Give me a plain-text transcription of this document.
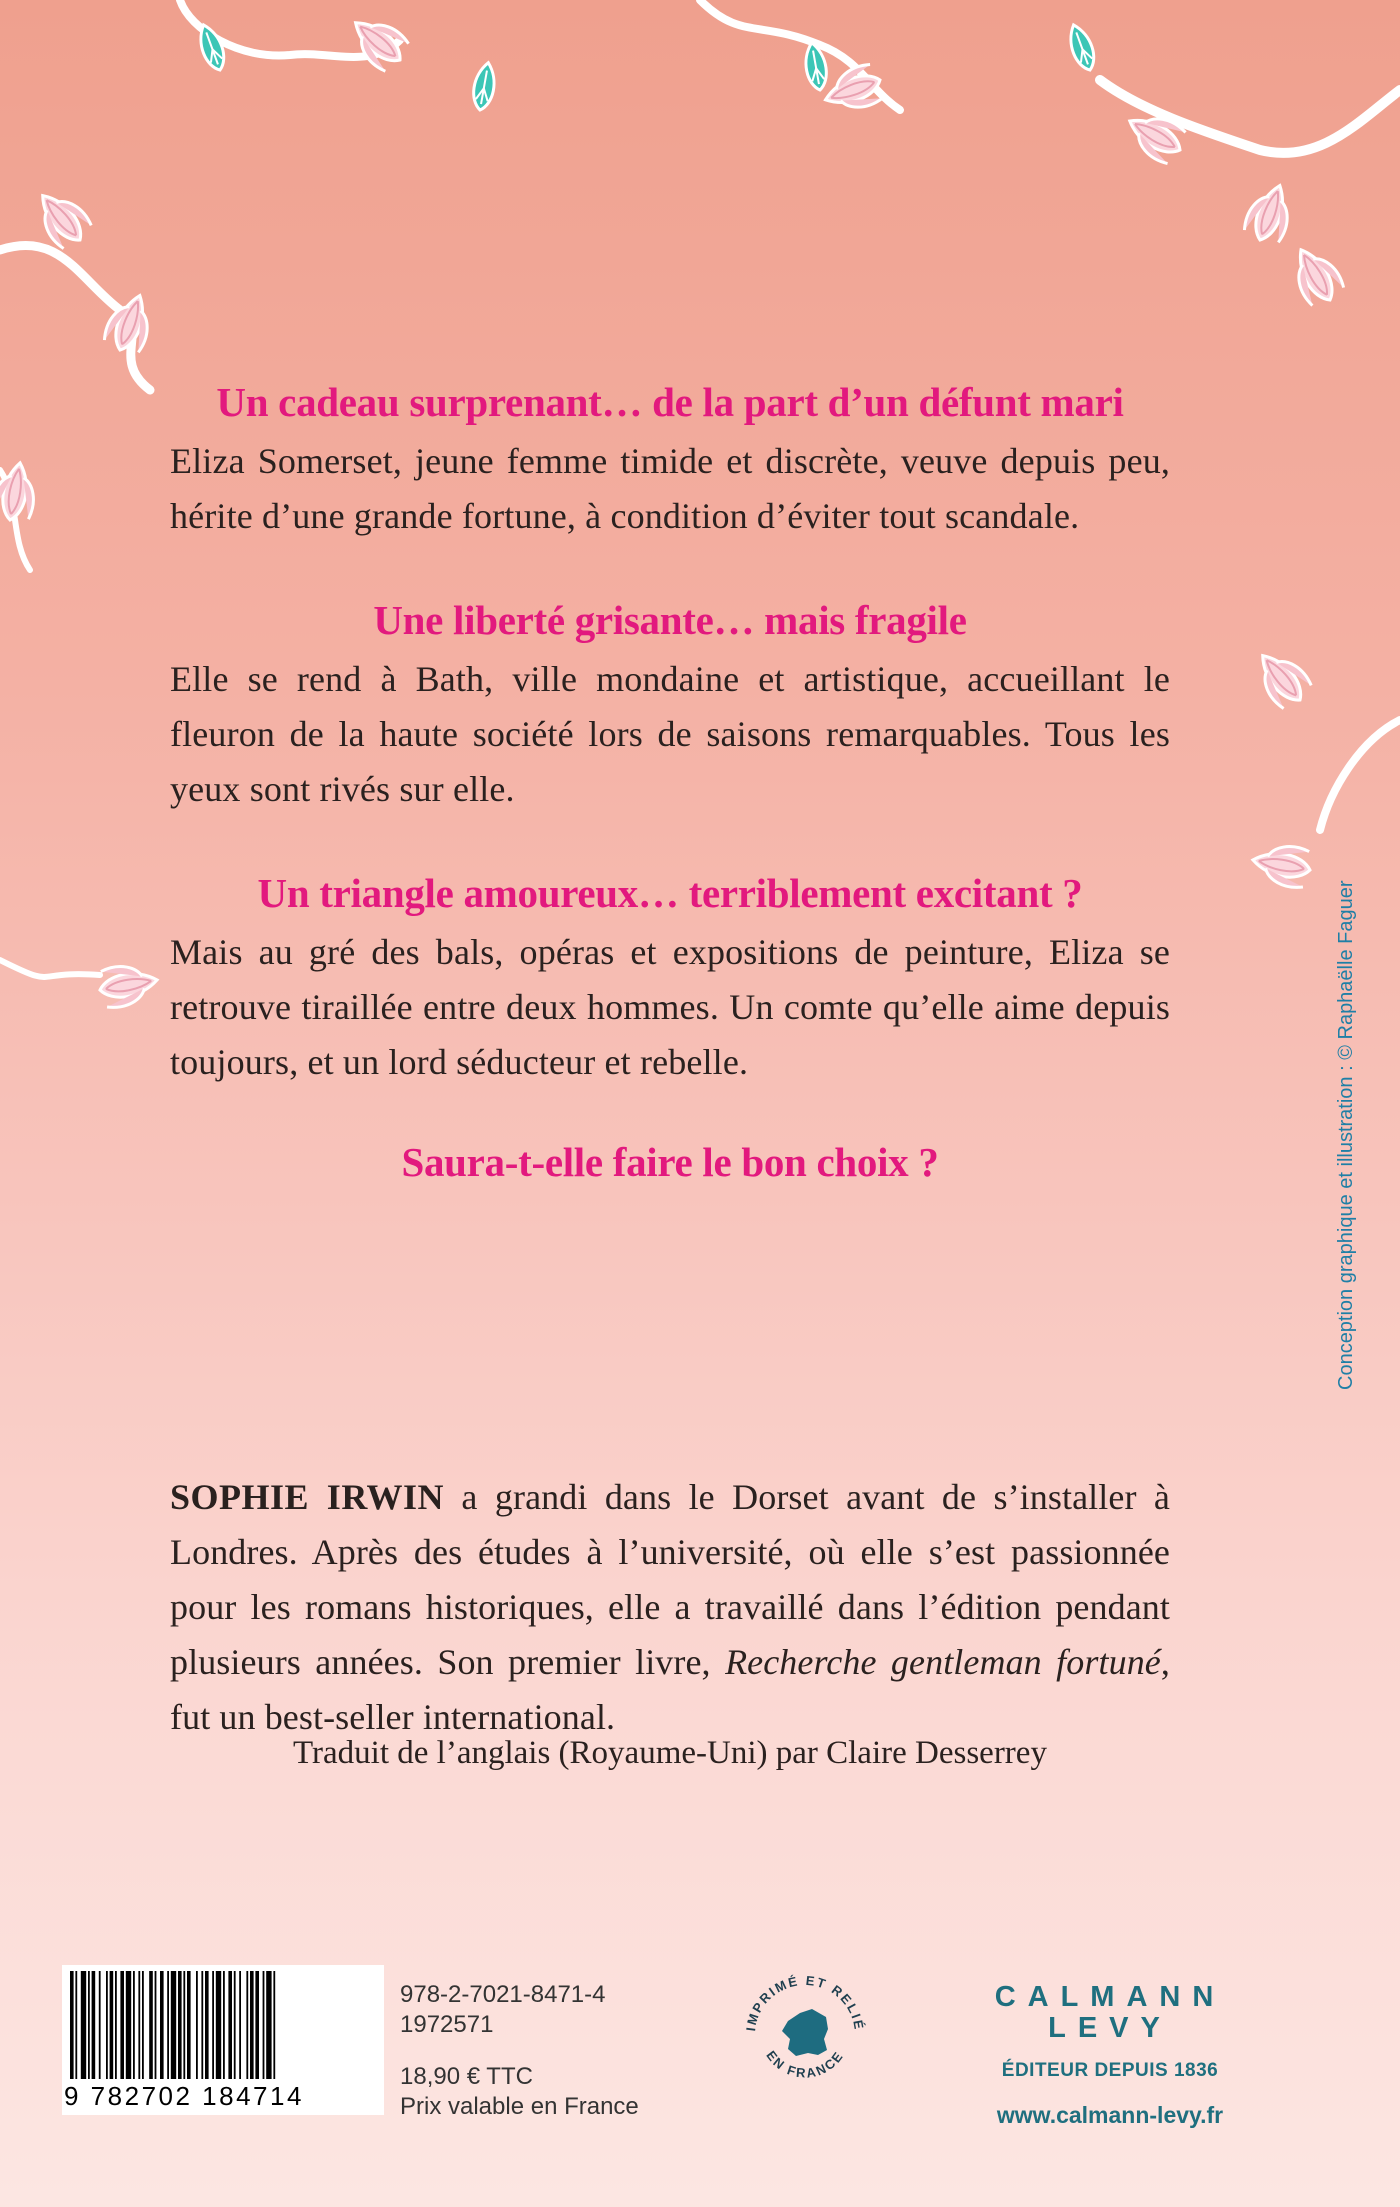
Un cadeau surprenant… de la part d’un défunt mari

Eliza Somerset, jeune femme timide et discrète, veuve depuis peu, hérite d’une grande fortune, à condition d’éviter tout scandale.

Une liberté grisante… mais fragile

Elle se rend à Bath, ville mondaine et artistique, accueillant le fleuron de la haute société lors de saisons remarquables. Tous les yeux sont rivés sur elle.

Un triangle amoureux… terriblement excitant ?

Mais au gré des bals, opéras et expositions de peinture, Eliza se retrouve tiraillée entre deux hommes. Un comte qu’elle aime depuis toujours, et un lord séducteur et rebelle.

Saura-t-elle faire le bon choix ?

SOPHIE IRWIN a grandi dans le Dorset avant de s’installer à Londres. Après des études à l’université, où elle s’est passionnée pour les romans historiques, elle a travaillé dans l’édition pendant plusieurs années. Son premier livre, Recherche gentleman fortuné, fut un best-seller international.

Traduit de l’anglais (Royaume-Uni) par Claire Desserrey
Conception graphique et illustration : © Raphaëlle Faguer
9 782702 184714
978-2-7021-8471-4
1972571
18,90 € TTC
Prix valable en France
IMPRIMÉ ET RELIÉ
EN FRANCE
CALMANN
LEVY
ÉDITEUR DEPUIS 1836
www.calmann-levy.fr
